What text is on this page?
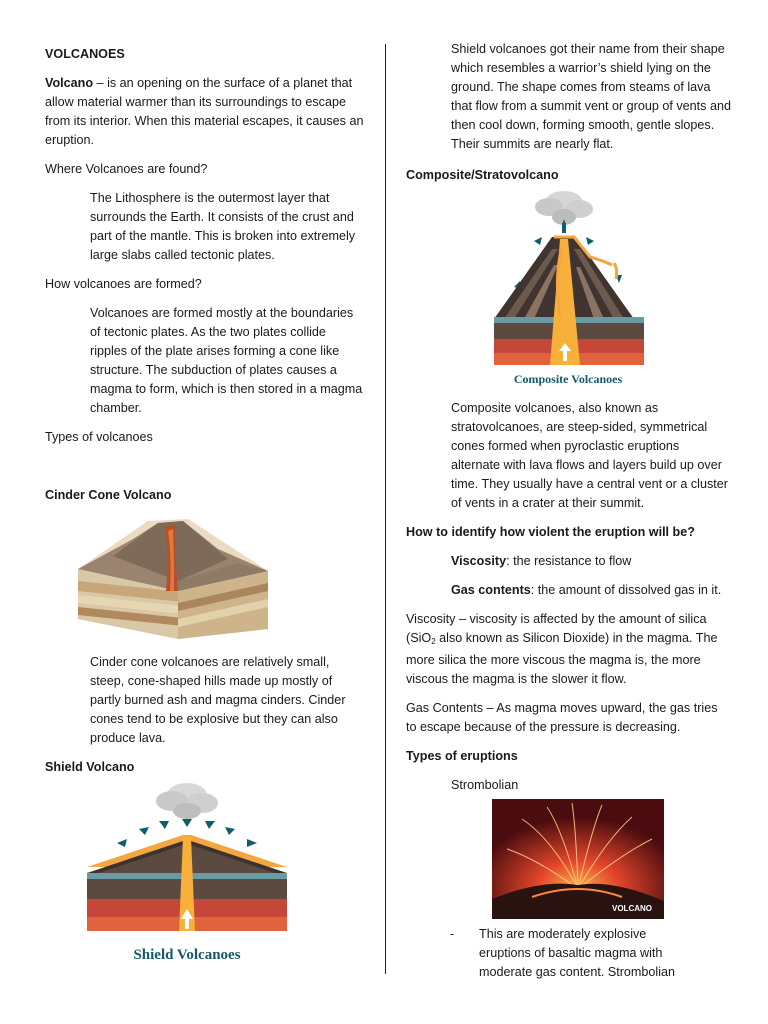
VOLCANOES

Volcano – is an opening on the surface of a planet that allow material warmer than its surroundings to escape from its interior. When this material escapes, it causes an eruption.

Where Volcanoes are found?

The Lithosphere is the outermost layer that surrounds the Earth. It consists of the crust and part of the mantle. This is broken into extremely large slabs called tectonic plates.

How volcanoes are formed?

Volcanoes are formed mostly at the boundaries of tectonic plates. As the two plates collide ripples of the plate arises forming a cone like structure. The subduction of plates causes a magma to form, which is then stored in a magma chamber.

Types of volcanoes

Cinder Cone Volcano

Cinder cone volcanoes are relatively small, steep, cone-shaped hills made up mostly of partly burned ash and magma cinders. Cinder cones tend to be explosive but they can also produce lava.

Shield Volcano

Shield Volcanoes

Shield volcanoes got their name from their shape which resembles a warrior’s shield lying on the ground. The shape comes from steams of lava that flow from a summit vent or group of vents and then cool down, forming smooth, gentle slopes. Their summits are nearly flat.

Composite/Stratovolcano

Composite Volcanoes

Composite volcanoes, also known as stratovolcanoes, are steep-sided, symmetrical cones formed when pyroclastic eruptions alternate with lava flows and layers build up over time. They usually have a central vent or a cluster of vents in a crater at their summit.

How to identify how violent the eruption will be?

Viscosity: the resistance to flow

Gas contents: the amount of dissolved gas in it.

Viscosity – viscosity is affected by the amount of silica (SiO$_2$ also known as Silicon Dioxide) in the magma. The more silica the more viscous the magma is, the more viscous the magma is the slower it flow.

Gas Contents – As magma moves upward, the gas tries to escape because of the pressure is decreasing.

Types of eruptions

Strombolian

VOLCANO
-	This are moderately explosive eruptions of basaltic magma with moderate gas content. Strombolian
